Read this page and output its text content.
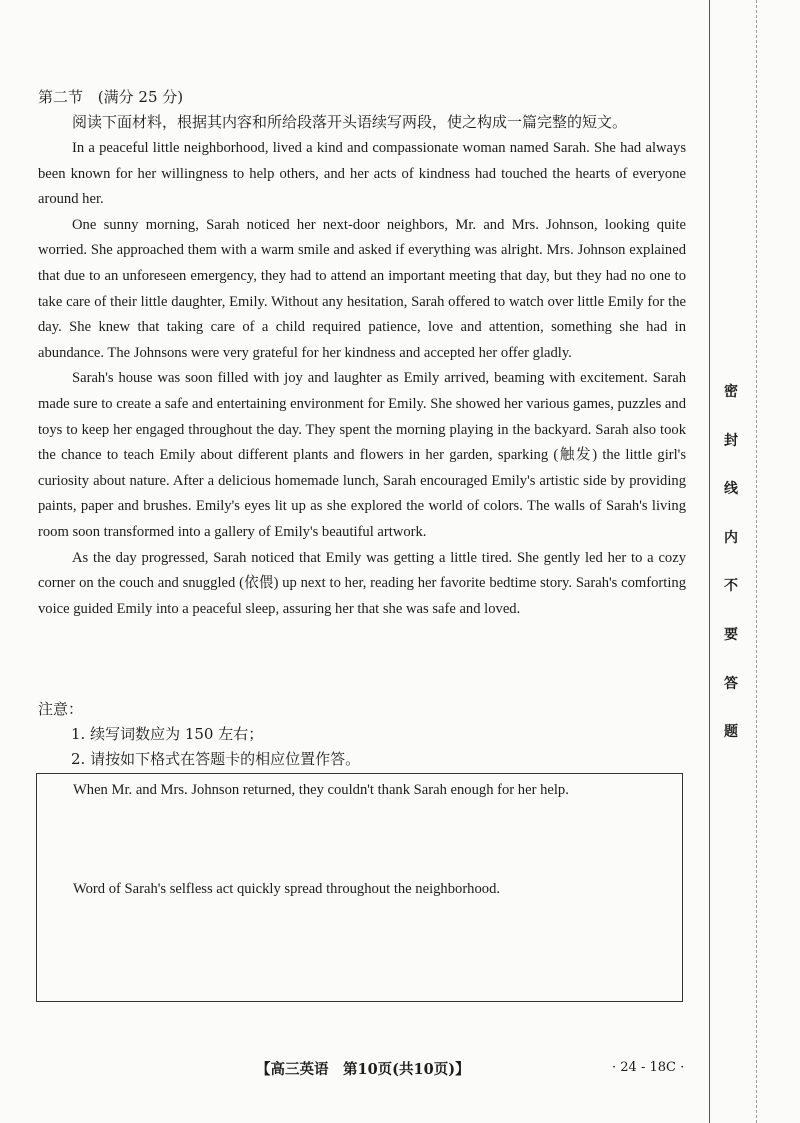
第二节 (满分 25 分)
阅读下面材料，根据其内容和所给段落开头语续写两段，使之构成一篇完整的短文。

In a peaceful little neighborhood, lived a kind and compassionate woman named Sarah. She had always been known for her willingness to help others, and her acts of kindness had touched the hearts of everyone around her.

One sunny morning, Sarah noticed her next-door neighbors, Mr. and Mrs. Johnson, looking quite worried. She approached them with a warm smile and asked if everything was alright. Mrs. Johnson explained that due to an unforeseen emergency, they had to attend an important meeting that day, but they had no one to take care of their little daughter, Emily. Without any hesitation, Sarah offered to watch over little Emily for the day. She knew that taking care of a child required patience, love and attention, something she had in abundance. The Johnsons were very grateful for her kindness and accepted her offer gladly.

Sarah's house was soon filled with joy and laughter as Emily arrived, beaming with excitement. Sarah made sure to create a safe and entertaining environment for Emily. She showed her various games, puzzles and toys to keep her engaged throughout the day. They spent the morning playing in the backyard. Sarah also took the chance to teach Emily about different plants and flowers in her garden, sparking (触发) the little girl's curiosity about nature. After a delicious homemade lunch, Sarah encouraged Emily's artistic side by providing paints, paper and brushes. Emily's eyes lit up as she explored the world of colors. The walls of Sarah's living room soon transformed into a gallery of Emily's beautiful artwork.

As the day progressed, Sarah noticed that Emily was getting a little tired. She gently led her to a cozy corner on the couch and snuggled (依偎) up next to her, reading her favorite bedtime story. Sarah's comforting voice guided Emily into a peaceful sleep, assuring her that she was safe and loved.

注意：
1. 续写词数应为 150 左右；
2. 请按如下格式在答题卡的相应位置作答。
When Mr. and Mrs. Johnson returned, they couldn't thank Sarah enough for her help.
Word of Sarah's selfless act quickly spread throughout the neighborhood.
【高三英语　第10页(共10页)】	· 24 - 18C ·
密
封
线
内
不
要
答
题
